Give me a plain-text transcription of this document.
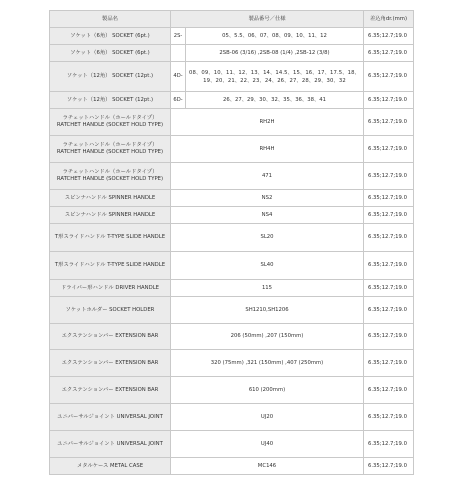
製品名	製品番号／仕様		差込角dr.(mm)
ソケット（6角） SOCKET (6pt.)	2S-	05、5.5、06、07、08、09、10、11、12	6.35;12.7;19.0
ソケット（6角） SOCKET (6pt.)		2SB-06 (3/16) ,2SB-08 (1/4) ,2SB-12 (3/8)	6.35;12.7;19.0
ソケット（12角） SOCKET (12pt.)	4D-	08、09、10、11、12、13、14、14.5、15、16、17、17.5、18、19、20、21、22、23、24、26、27、28、29、30、32	6.35;12.7;19.0
ソケット（12角） SOCKET (12pt.)	6D-	26、27、29、30、32、35、36、38、41	6.35;12.7;19.0
ラチェットハンドル（ホールドタイプ） RATCHET HANDLE (SOCKET HOLD TYPE)	RH2H		6.35;12.7;19.0
ラチェットハンドル（ホールドタイプ） RATCHET HANDLE (SOCKET HOLD TYPE)	RH4H		6.35;12.7;19.0
ラチェットハンドル（ホールドタイプ） RATCHET HANDLE (SOCKET HOLD TYPE)	471		6.35;12.7;19.0
スピンナハンドル SPINNER HANDLE	NS2		6.35;12.7;19.0
スピンナハンドル SPINNER HANDLE	NS4		6.35;12.7;19.0
T形スライドハンドル T-TYPE SLIDE HANDLE	SL20		6.35;12.7;19.0
T形スライドハンドル T-TYPE SLIDE HANDLE	SL40		6.35;12.7;19.0
ドライバー形ハンドル DRIVER HANDLE	115		6.35;12.7;19.0
ソケットホルダー SOCKET HOLDER	SH1210,SH1206		6.35;12.7;19.0
エクステンションバー EXTENSION BAR	206 (50mm) ,207 (150mm)		6.35;12.7;19.0
エクステンションバー EXTENSION BAR	320 (75mm) ,321 (150mm) ,407 (250mm)		6.35;12.7;19.0
エクステンションバー EXTENSION BAR	610 (200mm)		6.35;12.7;19.0
ユニバーサルジョイント UNIVERSAL JOINT	UJ20		6.35;12.7;19.0
ユニバーサルジョイント UNIVERSAL JOINT	UJ40		6.35;12.7;19.0
メタルケース METAL CASE	MC146		6.35;12.7;19.0
